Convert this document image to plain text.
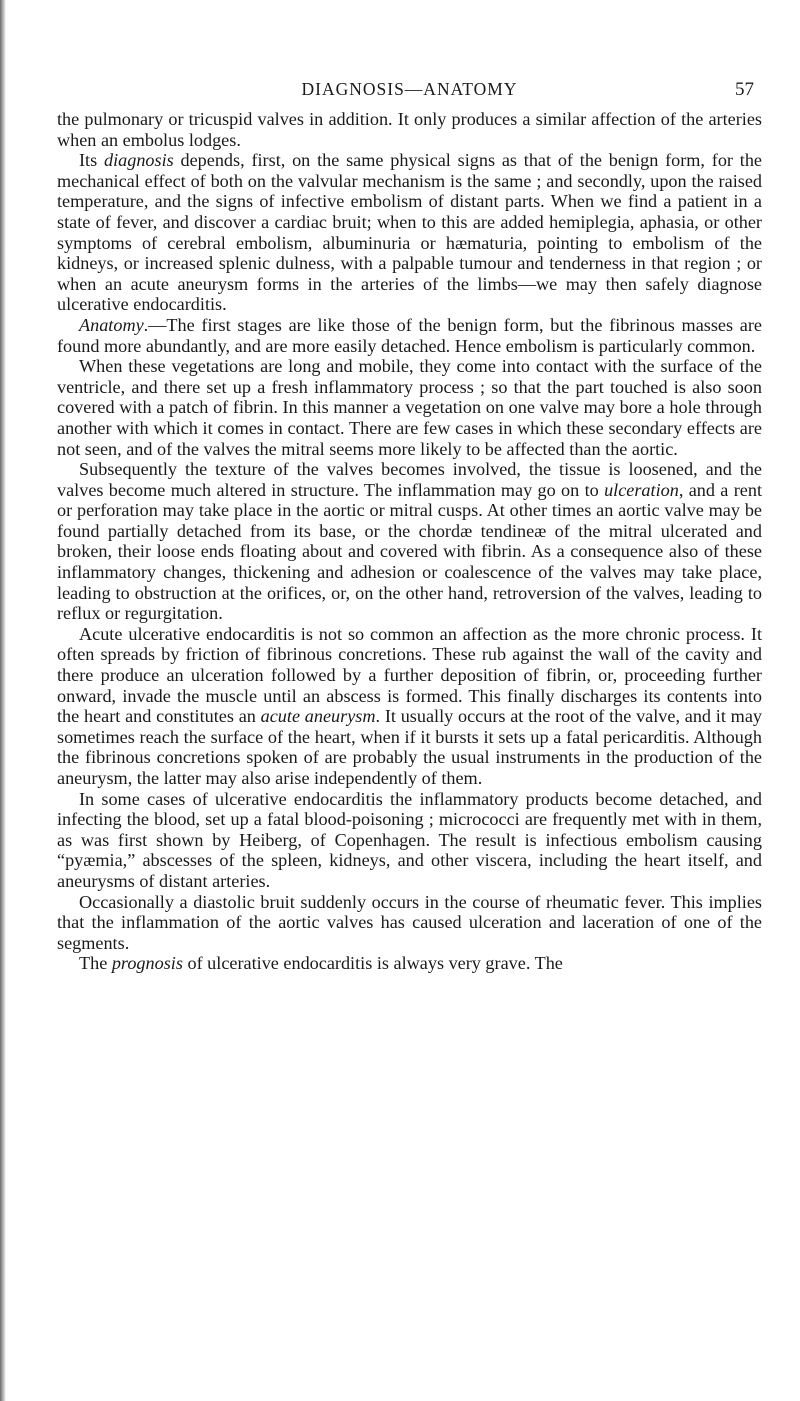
DIAGNOSIS—ANATOMY	57

the pulmonary or tricuspid valves in addition. It only produces a similar affection of the arteries when an embolus lodges.

Its diagnosis depends, first, on the same physical signs as that of the benign form, for the mechanical effect of both on the valvular mechanism is the same ; and secondly, upon the raised temperature, and the signs of infective embolism of distant parts. When we find a patient in a state of fever, and discover a cardiac bruit; when to this are added hemiplegia, aphasia, or other symptoms of cerebral embolism, albuminuria or hæmaturia, pointing to embolism of the kidneys, or increased splenic dulness, with a palpable tumour and tenderness in that region ; or when an acute aneurysm forms in the arteries of the limbs—we may then safely diagnose ulcerative endocarditis.

Anatomy.—The first stages are like those of the benign form, but the fibrinous masses are found more abundantly, and are more easily detached. Hence embolism is particularly common.

When these vegetations are long and mobile, they come into contact with the surface of the ventricle, and there set up a fresh inflammatory process ; so that the part touched is also soon covered with a patch of fibrin. In this manner a vegetation on one valve may bore a hole through another with which it comes in contact. There are few cases in which these secondary effects are not seen, and of the valves the mitral seems more likely to be affected than the aortic.

Subsequently the texture of the valves becomes involved, the tissue is loosened, and the valves become much altered in structure. The inflammation may go on to ulceration, and a rent or perforation may take place in the aortic or mitral cusps. At other times an aortic valve may be found partially detached from its base, or the chordæ tendineæ of the mitral ulcerated and broken, their loose ends floating about and covered with fibrin. As a consequence also of these inflammatory changes, thickening and adhesion or coalescence of the valves may take place, leading to obstruction at the orifices, or, on the other hand, retroversion of the valves, leading to reflux or regurgitation.

Acute ulcerative endocarditis is not so common an affection as the more chronic process. It often spreads by friction of fibrinous concretions. These rub against the wall of the cavity and there produce an ulceration followed by a further deposition of fibrin, or, proceeding further onward, invade the muscle until an abscess is formed. This finally discharges its contents into the heart and constitutes an acute aneurysm. It usually occurs at the root of the valve, and it may sometimes reach the surface of the heart, when if it bursts it sets up a fatal pericarditis. Although the fibrinous concretions spoken of are probably the usual instruments in the production of the aneurysm, the latter may also arise independently of them.

In some cases of ulcerative endocarditis the inflammatory products become detached, and infecting the blood, set up a fatal blood-poisoning ; micrococci are frequently met with in them, as was first shown by Heiberg, of Copenhagen. The result is infectious embolism causing “pyæmia,” abscesses of the spleen, kidneys, and other viscera, including the heart itself, and aneurysms of distant arteries.

Occasionally a diastolic bruit suddenly occurs in the course of rheumatic fever. This implies that the inflammation of the aortic valves has caused ulceration and laceration of one of the segments.

The prognosis of ulcerative endocarditis is always very grave. The
